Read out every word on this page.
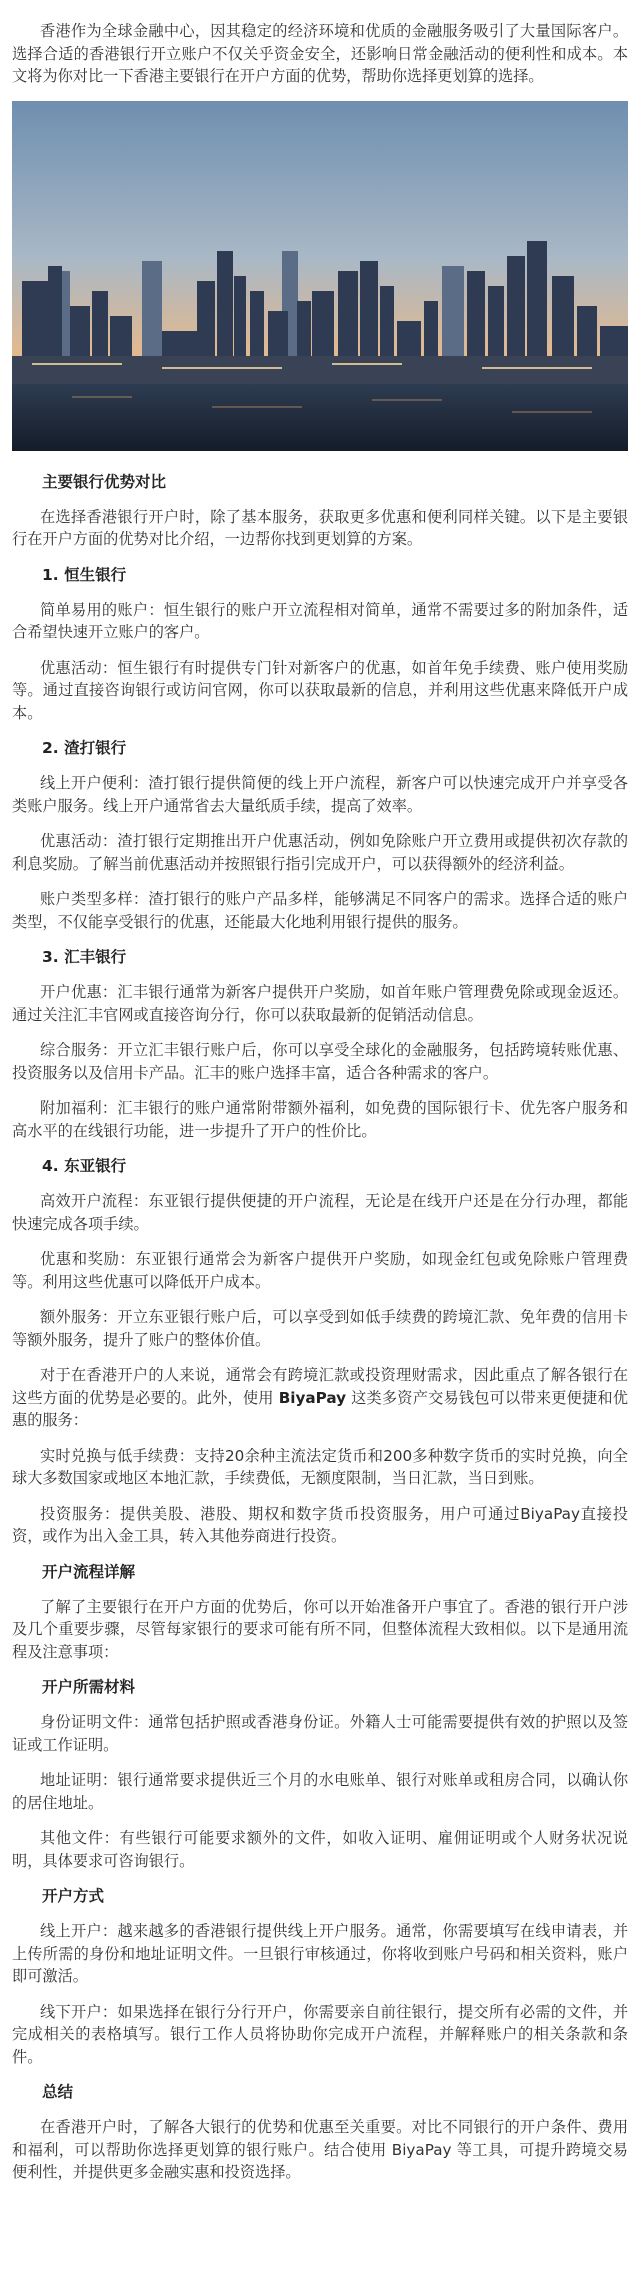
香港作为全球金融中心，因其稳定的经济环境和优质的金融服务吸引了大量国际客户。选择合适的香港银行开立账户不仅关乎资金安全，还影响日常金融活动的便利性和成本。本文将为你对比一下香港主要银行在开户方面的优势，帮助你选择更划算的选择。

主要银行优势对比

在选择香港银行开户时，除了基本服务，获取更多优惠和便利同样关键。以下是主要银行在开户方面的优势对比介绍，一边帮你找到更划算的方案。

1. 恒生银行

简单易用的账户：恒生银行的账户开立流程相对简单，通常不需要过多的附加条件，适合希望快速开立账户的客户。

优惠活动：恒生银行有时提供专门针对新客户的优惠，如首年免手续费、账户使用奖励等。通过直接咨询银行或访问官网，你可以获取最新的信息，并利用这些优惠来降低开户成本。

2. 渣打银行

线上开户便利：渣打银行提供简便的线上开户流程，新客户可以快速完成开户并享受各类账户服务。线上开户通常省去大量纸质手续，提高了效率。

优惠活动：渣打银行定期推出开户优惠活动，例如免除账户开立费用或提供初次存款的利息奖励。了解当前优惠活动并按照银行指引完成开户，可以获得额外的经济利益。

账户类型多样：渣打银行的账户产品多样，能够满足不同客户的需求。选择合适的账户类型，不仅能享受银行的优惠，还能最大化地利用银行提供的服务。

3. 汇丰银行

开户优惠：汇丰银行通常为新客户提供开户奖励，如首年账户管理费免除或现金返还。通过关注汇丰官网或直接咨询分行，你可以获取最新的促销活动信息。

综合服务：开立汇丰银行账户后，你可以享受全球化的金融服务，包括跨境转账优惠、投资服务以及信用卡产品。汇丰的账户选择丰富，适合各种需求的客户。

附加福利：汇丰银行的账户通常附带额外福利，如免费的国际银行卡、优先客户服务和高水平的在线银行功能，进一步提升了开户的性价比。

4. 东亚银行

高效开户流程：东亚银行提供便捷的开户流程，无论是在线开户还是在分行办理，都能快速完成各项手续。

优惠和奖励：东亚银行通常会为新客户提供开户奖励，如现金红包或免除账户管理费等。利用这些优惠可以降低开户成本。

额外服务：开立东亚银行账户后，可以享受到如低手续费的跨境汇款、免年费的信用卡等额外服务，提升了账户的整体价值。

对于在香港开户的人来说，通常会有跨境汇款或投资理财需求，因此重点了解各银行在这些方面的优势是必要的。此外，使用 BiyaPay 这类多资产交易钱包可以带来更便捷和优惠的服务：

实时兑换与低手续费：支持20余种主流法定货币和200多种数字货币的实时兑换，向全球大多数国家或地区本地汇款，手续费低，无额度限制，当日汇款，当日到账。

投资服务：提供美股、港股、期权和数字货币投资服务，用户可通过BiyaPay直接投资，或作为出入金工具，转入其他券商进行投资。

开户流程详解

了解了主要银行在开户方面的优势后，你可以开始准备开户事宜了。香港的银行开户涉及几个重要步骤，尽管每家银行的要求可能有所不同，但整体流程大致相似。以下是通用流程及注意事项：

开户所需材料

身份证明文件：通常包括护照或香港身份证。外籍人士可能需要提供有效的护照以及签证或工作证明。

地址证明：银行通常要求提供近三个月的水电账单、银行对账单或租房合同，以确认你的居住地址。

其他文件：有些银行可能要求额外的文件，如收入证明、雇佣证明或个人财务状况说明，具体要求可咨询银行。

开户方式

线上开户：越来越多的香港银行提供线上开户服务。通常，你需要填写在线申请表，并上传所需的身份和地址证明文件。一旦银行审核通过，你将收到账户号码和相关资料，账户即可激活。

线下开户：如果选择在银行分行开户，你需要亲自前往银行，提交所有必需的文件，并完成相关的表格填写。银行工作人员将协助你完成开户流程，并解释账户的相关条款和条件。

总结

在香港开户时，了解各大银行的优势和优惠至关重要。对比不同银行的开户条件、费用和福利，可以帮助你选择更划算的银行账户。结合使用 BiyaPay 等工具，可提升跨境交易便利性，并提供更多金融实惠和投资选择。
